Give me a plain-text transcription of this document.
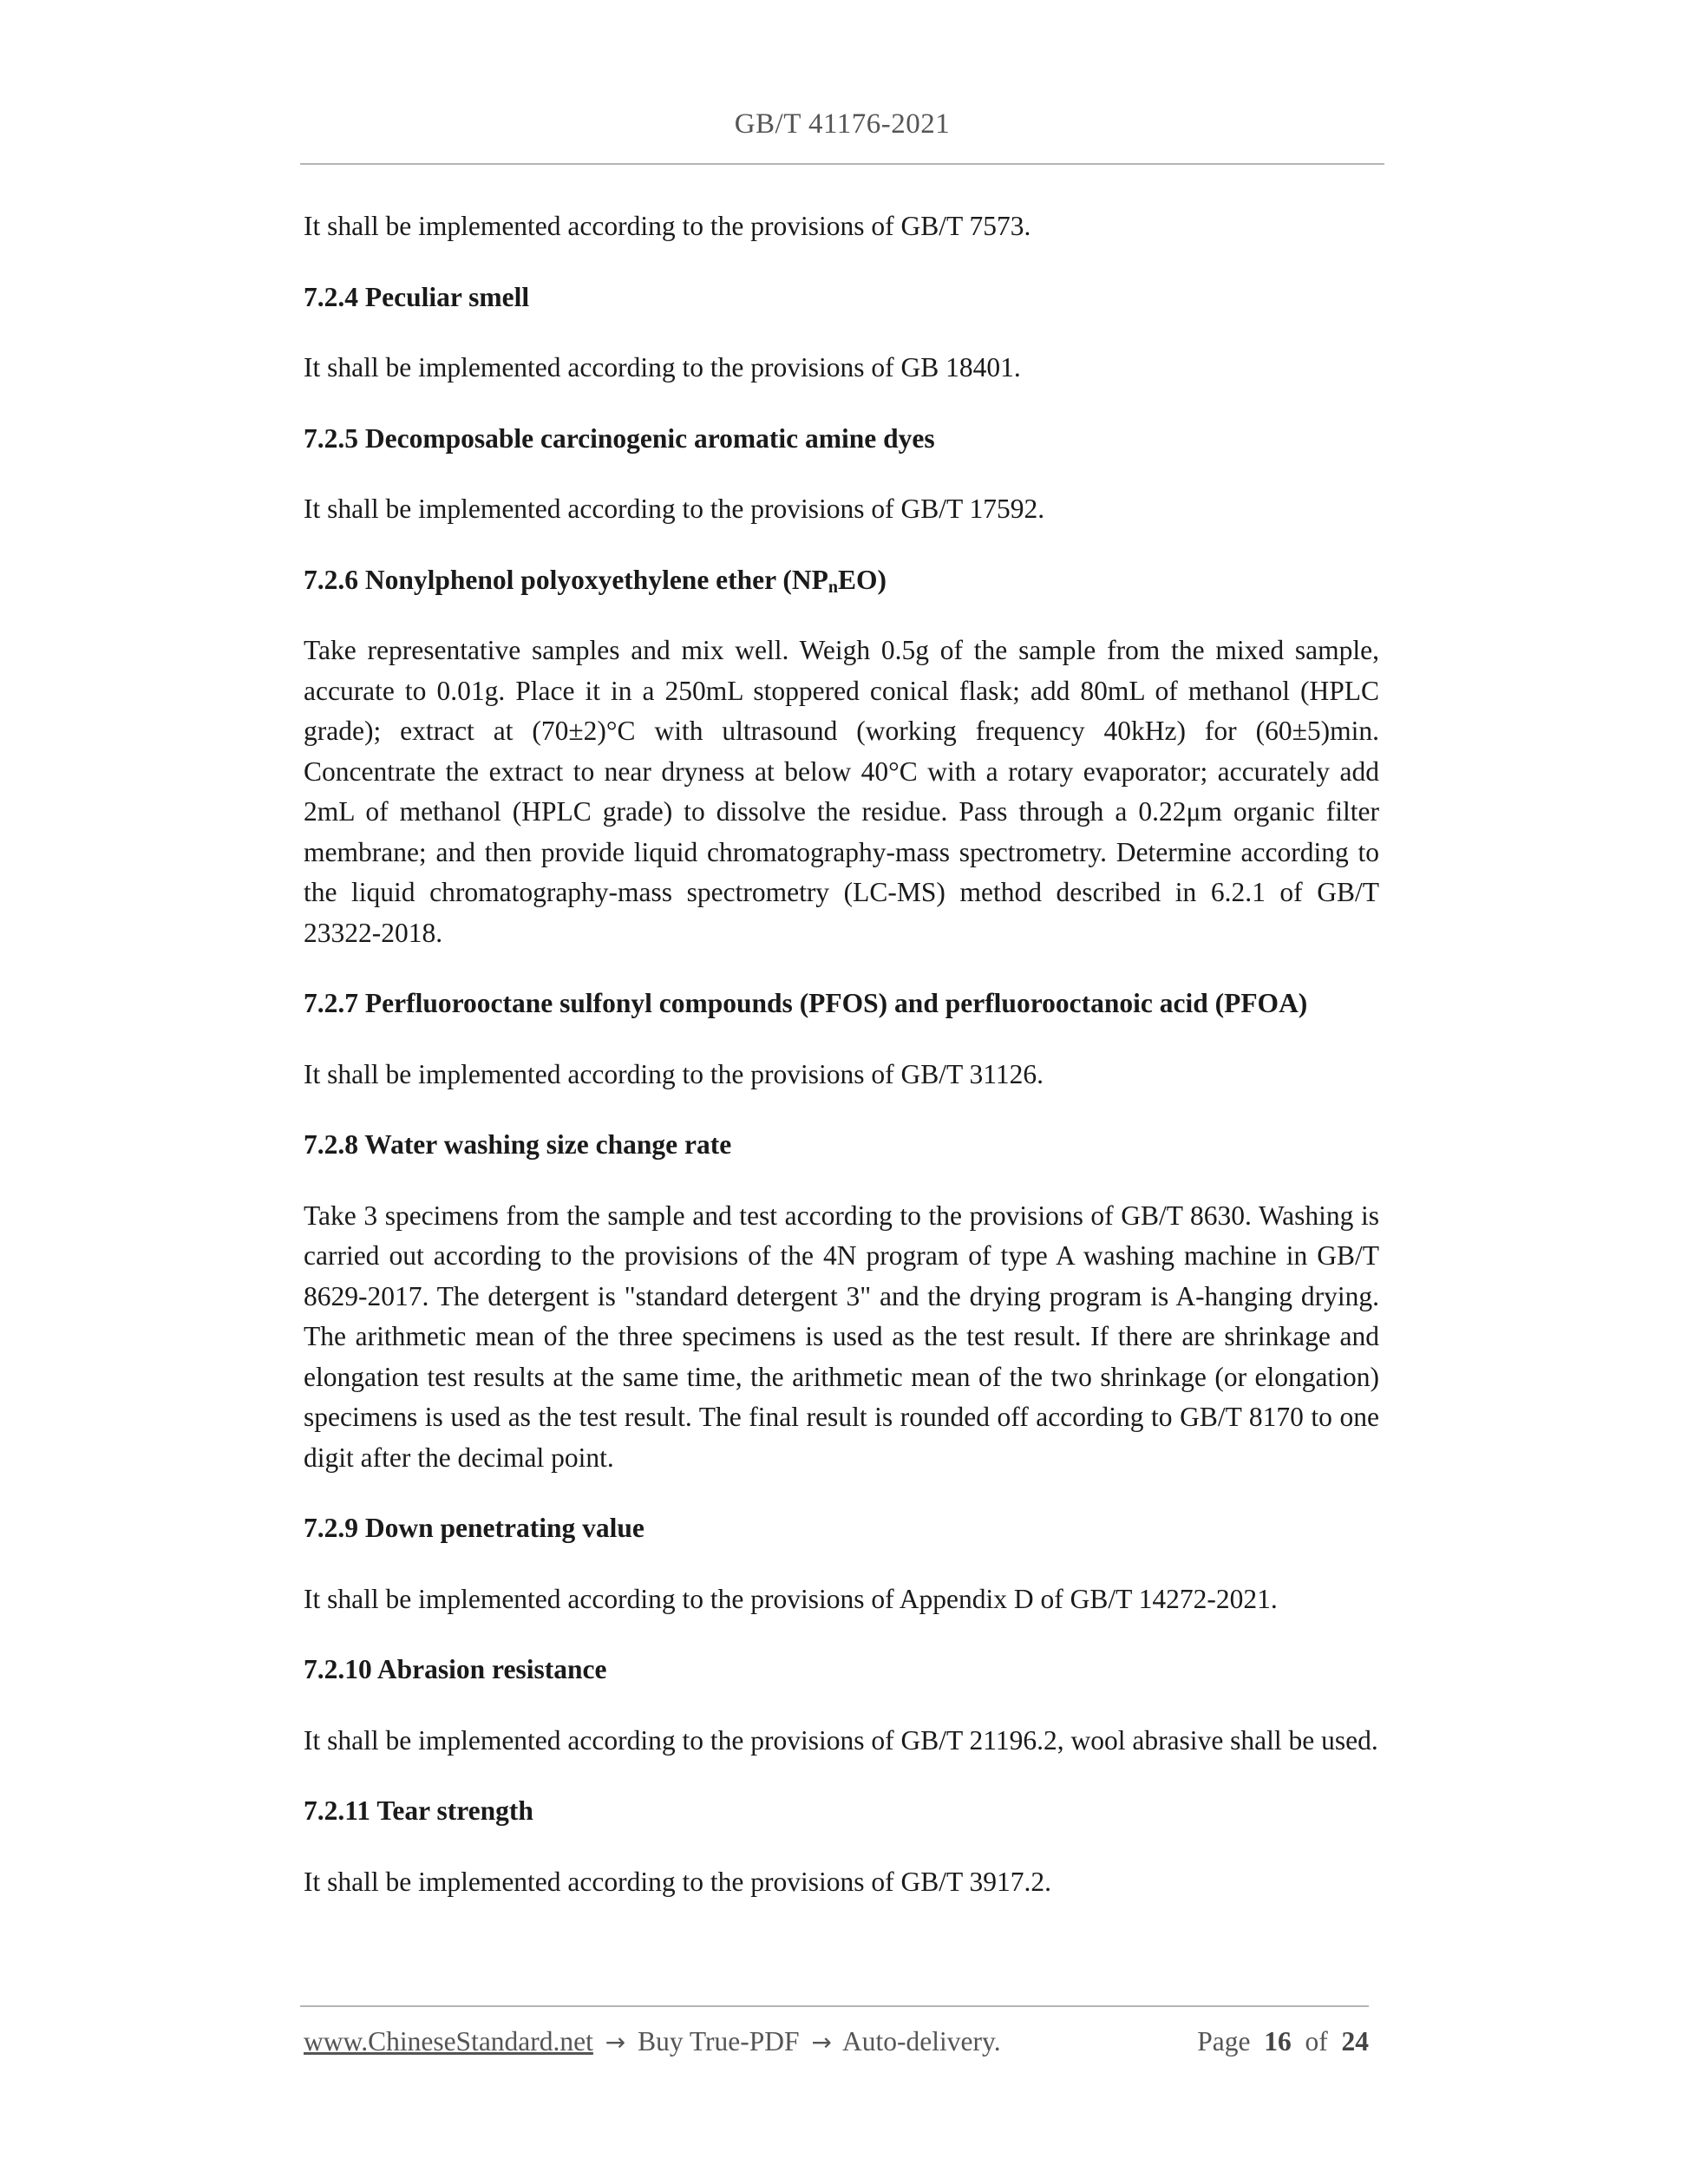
GB/T 41176-2021

It shall be implemented according to the provisions of GB/T 7573.

7.2.4 Peculiar smell

It shall be implemented according to the provisions of GB 18401.

7.2.5 Decomposable carcinogenic aromatic amine dyes

It shall be implemented according to the provisions of GB/T 17592.

7.2.6 Nonylphenol polyoxyethylene ether $(NP_nEO)$

Take representative samples and mix well. Weigh 0.5g of the sample from the mixed sample, accurate to 0.01g. Place it in a 250mL stoppered conical flask; add 80mL of methanol (HPLC grade); extract at (70±2)°C with ultrasound (working frequency 40kHz) for (60±5)min. Concentrate the extract to near dryness at below 40°C with a rotary evaporator; accurately add 2mL of methanol (HPLC grade) to dissolve the residue. Pass through a 0.22μm organic filter membrane; and then provide liquid chromatography-mass spectrometry. Determine according to the liquid chromatography-mass spectrometry (LC-MS) method described in 6.2.1 of GB/T 23322-2018.

7.2.7 Perfluorooctane sulfonyl compounds (PFOS) and perfluorooctanoic acid (PFOA)

It shall be implemented according to the provisions of GB/T 31126.

7.2.8 Water washing size change rate

Take 3 specimens from the sample and test according to the provisions of GB/T 8630. Washing is carried out according to the provisions of the 4N program of type A washing machine in GB/T 8629-2017. The detergent is "standard detergent 3" and the drying program is A-hanging drying. The arithmetic mean of the three specimens is used as the test result. If there are shrinkage and elongation test results at the same time, the arithmetic mean of the two shrinkage (or elongation) specimens is used as the test result. The final result is rounded off according to GB/T 8170 to one digit after the decimal point.

7.2.9 Down penetrating value

It shall be implemented according to the provisions of Appendix D of GB/T 14272-2021.

7.2.10 Abrasion resistance

It shall be implemented according to the provisions of GB/T 21196.2, wool abrasive shall be used.

7.2.11 Tear strength

It shall be implemented according to the provisions of GB/T 3917.2.

www.ChineseStandard.net → Buy True-PDF → Auto-delivery.	Page 16 of 24
